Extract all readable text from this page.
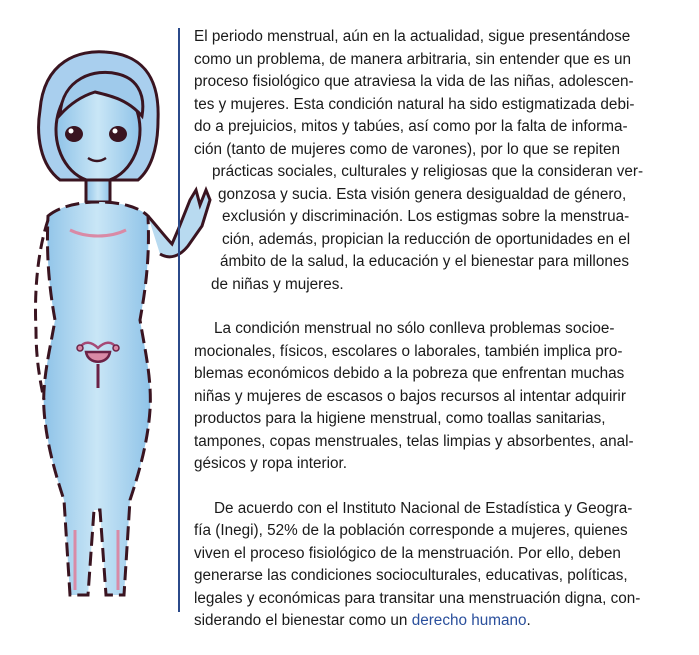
El periodo menstrual, aún en la actualidad, sigue presentándose
como un problema, de manera arbitraria, sin entender que es un
proceso fisiológico que atraviesa la vida de las niñas, adolescen-
tes y mujeres. Esta condición natural ha sido estigmatizada debi-
do a prejuicios, mitos y tabúes, así como por la falta de informa-
ción (tanto de mujeres como de varones), por lo que se repiten
prácticas sociales, culturales y religiosas que la consideran ver-
gonzosa y sucia. Esta visión genera desigualdad de género,
exclusión y discriminación. Los estigmas sobre la menstrua-
ción, además, propician la reducción de oportunidades en el
ámbito de la salud, la educación y el bienestar para millones
de niñas y mujeres.

La condición menstrual no sólo conlleva problemas socioe-
mocionales, físicos, escolares o laborales, también implica pro-
blemas económicos debido a la pobreza que enfrentan muchas
niñas y mujeres de escasos o bajos recursos al intentar adquirir
productos para la higiene menstrual, como toallas sanitarias,
tampones, copas menstruales, telas limpias y absorbentes, anal-
gésicos y ropa interior.

De acuerdo con el Instituto Nacional de Estadística y Geogra-
fía (Inegi), 52% de la población corresponde a mujeres, quienes
viven el proceso fisiológico de la menstruación. Por ello, deben
generarse las condiciones socioculturales, educativas, políticas,
legales y económicas para transitar una menstruación digna, con-
siderando el bienestar como un derecho humano.
